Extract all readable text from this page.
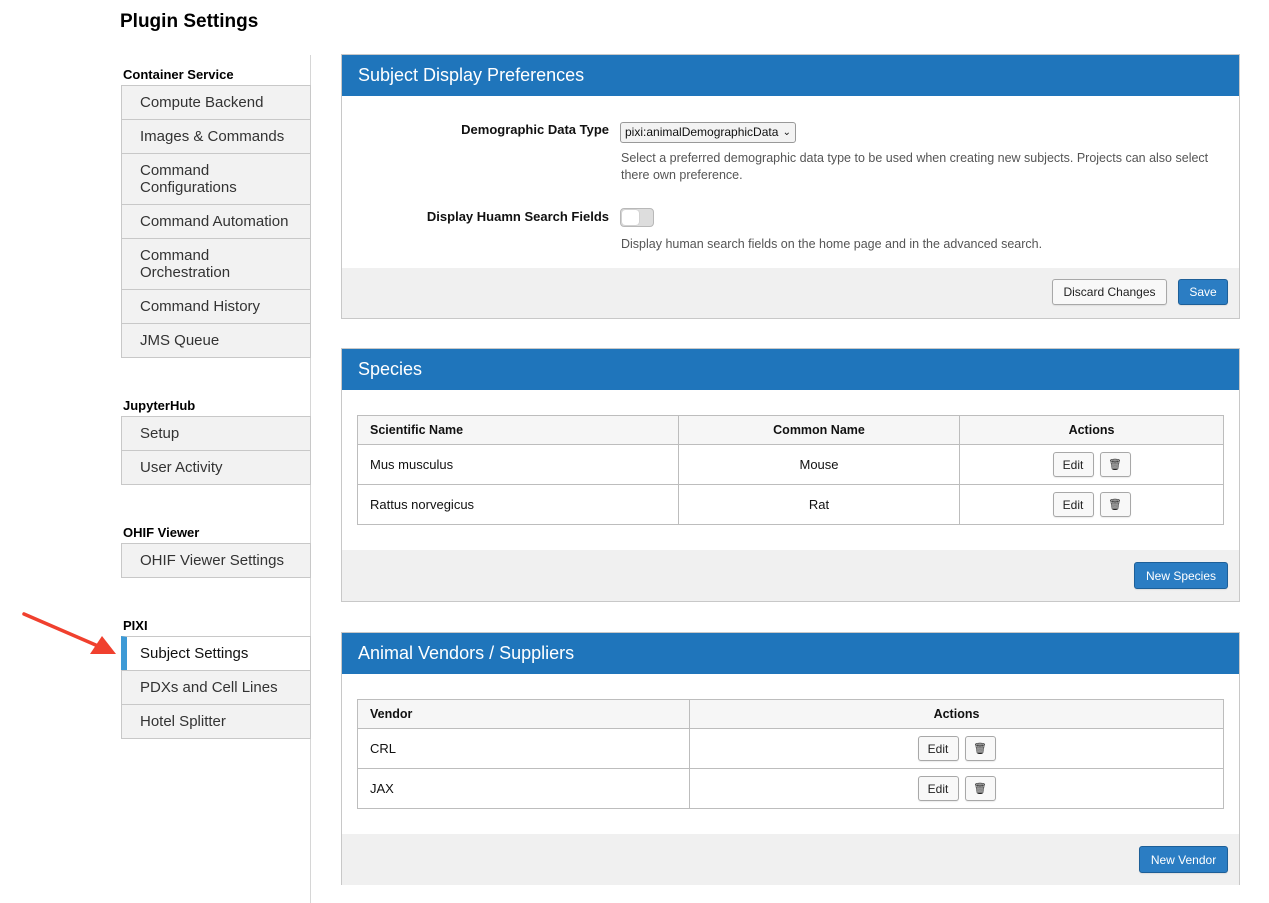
Plugin Settings
Container Service
Compute Backend
Images & Commands
Command Configurations
Command Automation
Command Orchestration
Command History
JMS Queue
JupyterHub
Setup
User Activity
OHIF Viewer
OHIF Viewer Settings
PIXI
Subject Settings
PDXs and Cell Lines
Hotel Splitter
Subject Display Preferences
Demographic Data Type	pixi:animalDemographicData ⌄
Select a preferred demographic data type to be used when creating new subjects. Projects can also select there own preference.
Display Huamn Search Fields
Display human search fields on the home page and in the advanced search.
Discard Changes	Save
Species
Scientific Name	Common Name	Actions
Mus musculus	Mouse	Edit 🗑
Rattus norvegicus	Rat	Edit 🗑
New Species
Animal Vendors / Suppliers
Vendor	Actions
CRL	Edit 🗑
JAX	Edit 🗑
New Vendor
